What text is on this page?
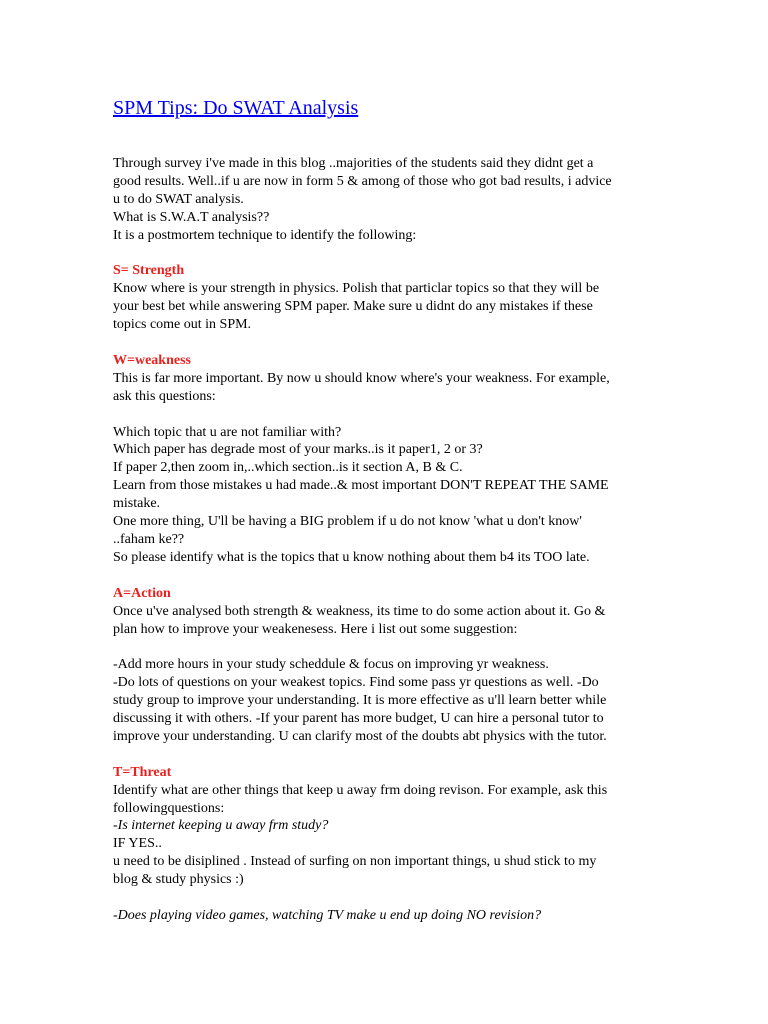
SPM Tips: Do SWAT Analysis
Through survey i've made in this blog ..majorities of the students said they didnt get a
good results. Well..if u are now in form 5 & among of those who got bad results, i advice
u to do SWAT analysis.
What is S.W.A.T analysis??
It is a postmortem technique to identify the following:
S= Strength
Know where is your strength in physics. Polish that particlar topics so that they will be
your best bet while answering SPM paper. Make sure u didnt do any mistakes if these
topics come out in SPM.
W=weakness
This is far more important. By now u should know where's your weakness. For example,
ask this questions:
Which topic that u are not familiar with?
Which paper has degrade most of your marks..is it paper1, 2 or 3?
If paper 2,then zoom in,..which section..is it section A, B & C.
Learn from those mistakes u had made..& most important DON'T REPEAT THE SAME
mistake.
One more thing, U'll be having a BIG problem if u do not know 'what u don't know'
..faham ke??
So please identify what is the topics that u know nothing about them b4 its TOO late.
A=Action
Once u've analysed both strength & weakness, its time to do some action about it. Go &
plan how to improve your weakenesess. Here i list out some suggestion:
-Add more hours in your study scheddule & focus on improving yr weakness.
-Do lots of questions on your weakest topics. Find some pass yr questions as well. -Do
study group to improve your understanding. It is more effective as u'll learn better while
discussing it with others. -If your parent has more budget, U can hire a personal tutor to
improve your understanding. U can clarify most of the doubts abt physics with the tutor.
T=Threat
Identify what are other things that keep u away frm doing revison. For example, ask this
followingquestions:
-Is internet keeping u away frm study?
IF YES..
u need to be disiplined . Instead of surfing on non important things, u shud stick to my
blog & study physics :)
-Does playing video games, watching TV make u end up doing NO revision?
